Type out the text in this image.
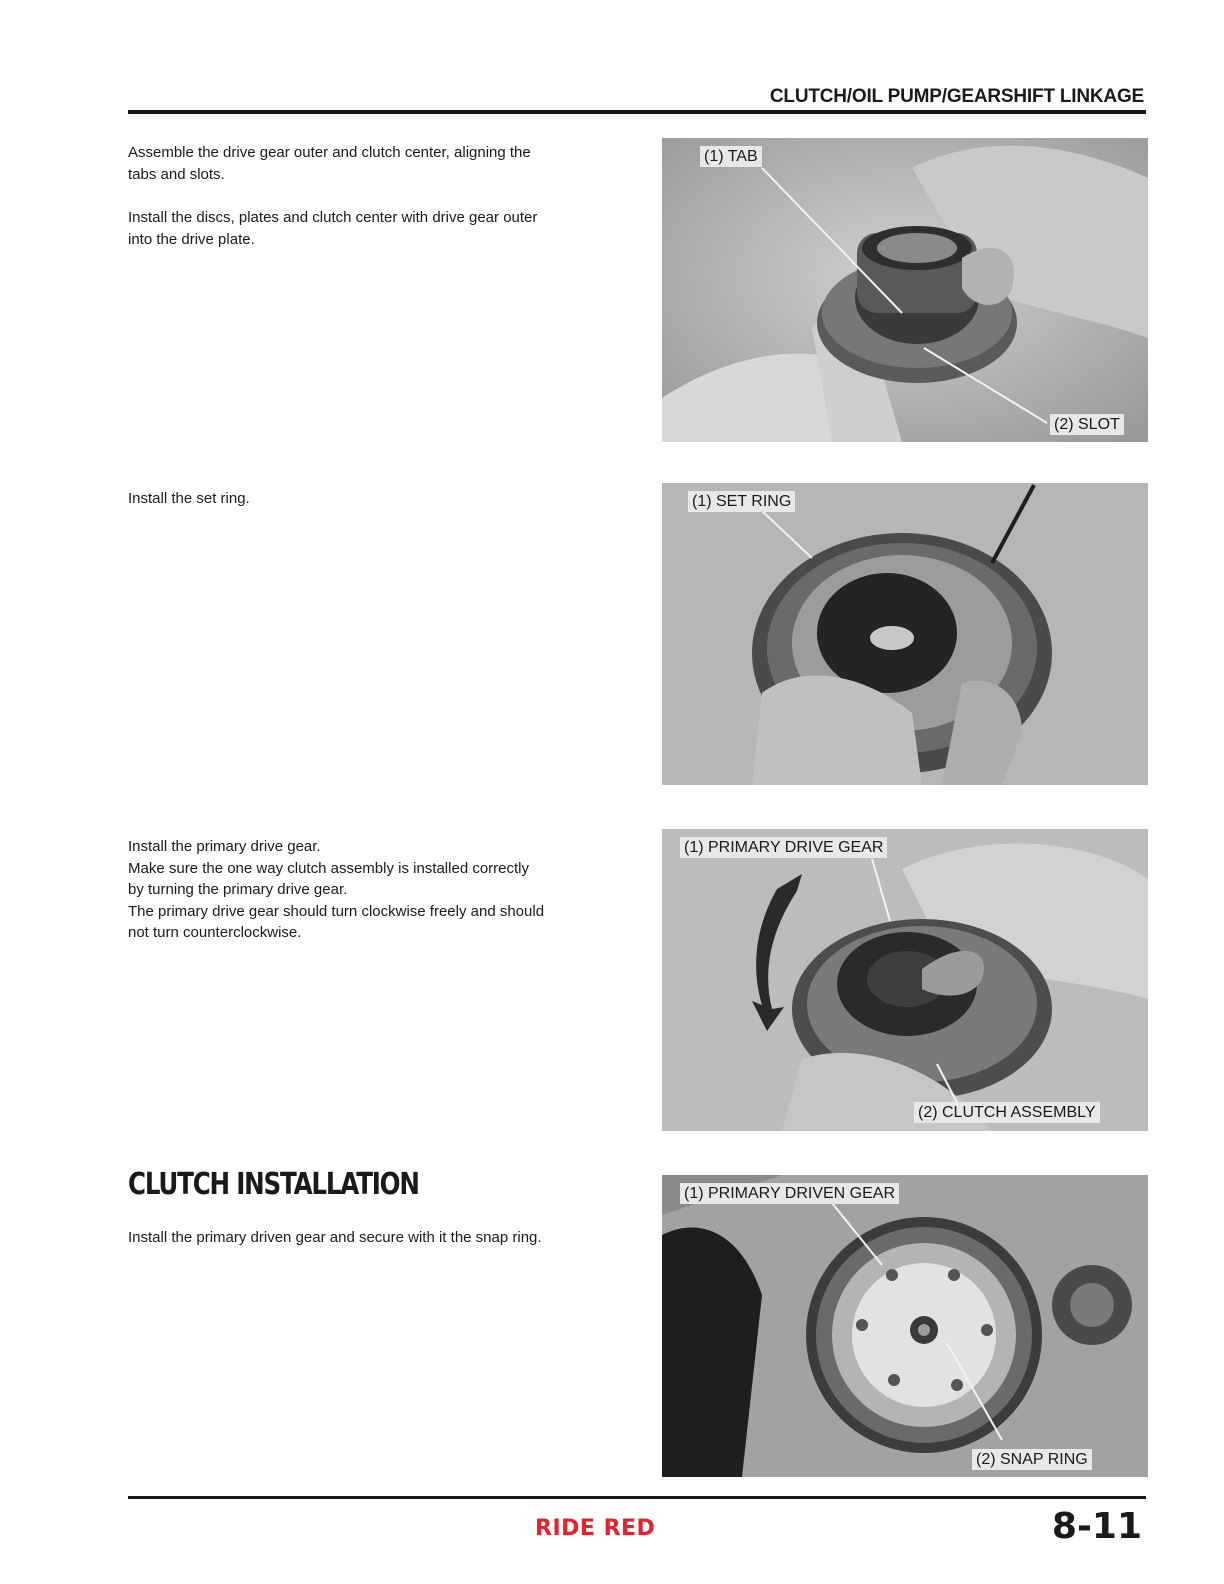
CLUTCH/OIL PUMP/GEARSHIFT LINKAGE

Assemble the drive gear outer and clutch center, aligning the
tabs and slots.

Install the discs, plates and clutch center with drive gear outer
into the drive plate.

(1) TAB
(2) SLOT

Install the set ring.	(1) SET RING

Install the primary drive gear.
Make sure the one way clutch assembly is installed correctly
by turning the primary drive gear.
The primary drive gear should turn clockwise freely and should
not turn counterclockwise.

(1) PRIMARY DRIVE GEAR
(2) CLUTCH ASSEMBLY
CLUTCH INSTALLATION

Install the primary driven gear and secure with it the snap ring.

(1) PRIMARY DRIVEN GEAR
(2) SNAP RING
RIDE RED	8-11
